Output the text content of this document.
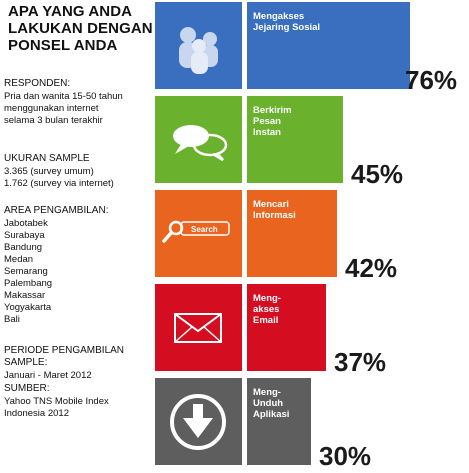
APA YANG ANDA
LAKUKAN DENGAN
PONSEL ANDA
RESPONDEN:
Pria dan wanita 15-50 tahun
menggunakan internet
selama 3 bulan terakhir
UKURAN SAMPLE
3.365 (survey umum)
1.762 (survey via internet)
AREA PENGAMBILAN:
Jabotabek
Surabaya
Bandung
Medan
Semarang
Palembang
Makassar
Yogyakarta
Bali
PERIODE PENGAMBILAN SAMPLE:
Januari - Maret 2012
SUMBER:
Yahoo TNS Mobile Index
Indonesia 2012
Mengakses
Jejaring Sosial
76%
Berkirim
Pesan
Instan
45%
Search
Mencari
Informasi
42%
Meng-
akses
Email
37%
Meng-
Unduh
Aplikasi
30%
